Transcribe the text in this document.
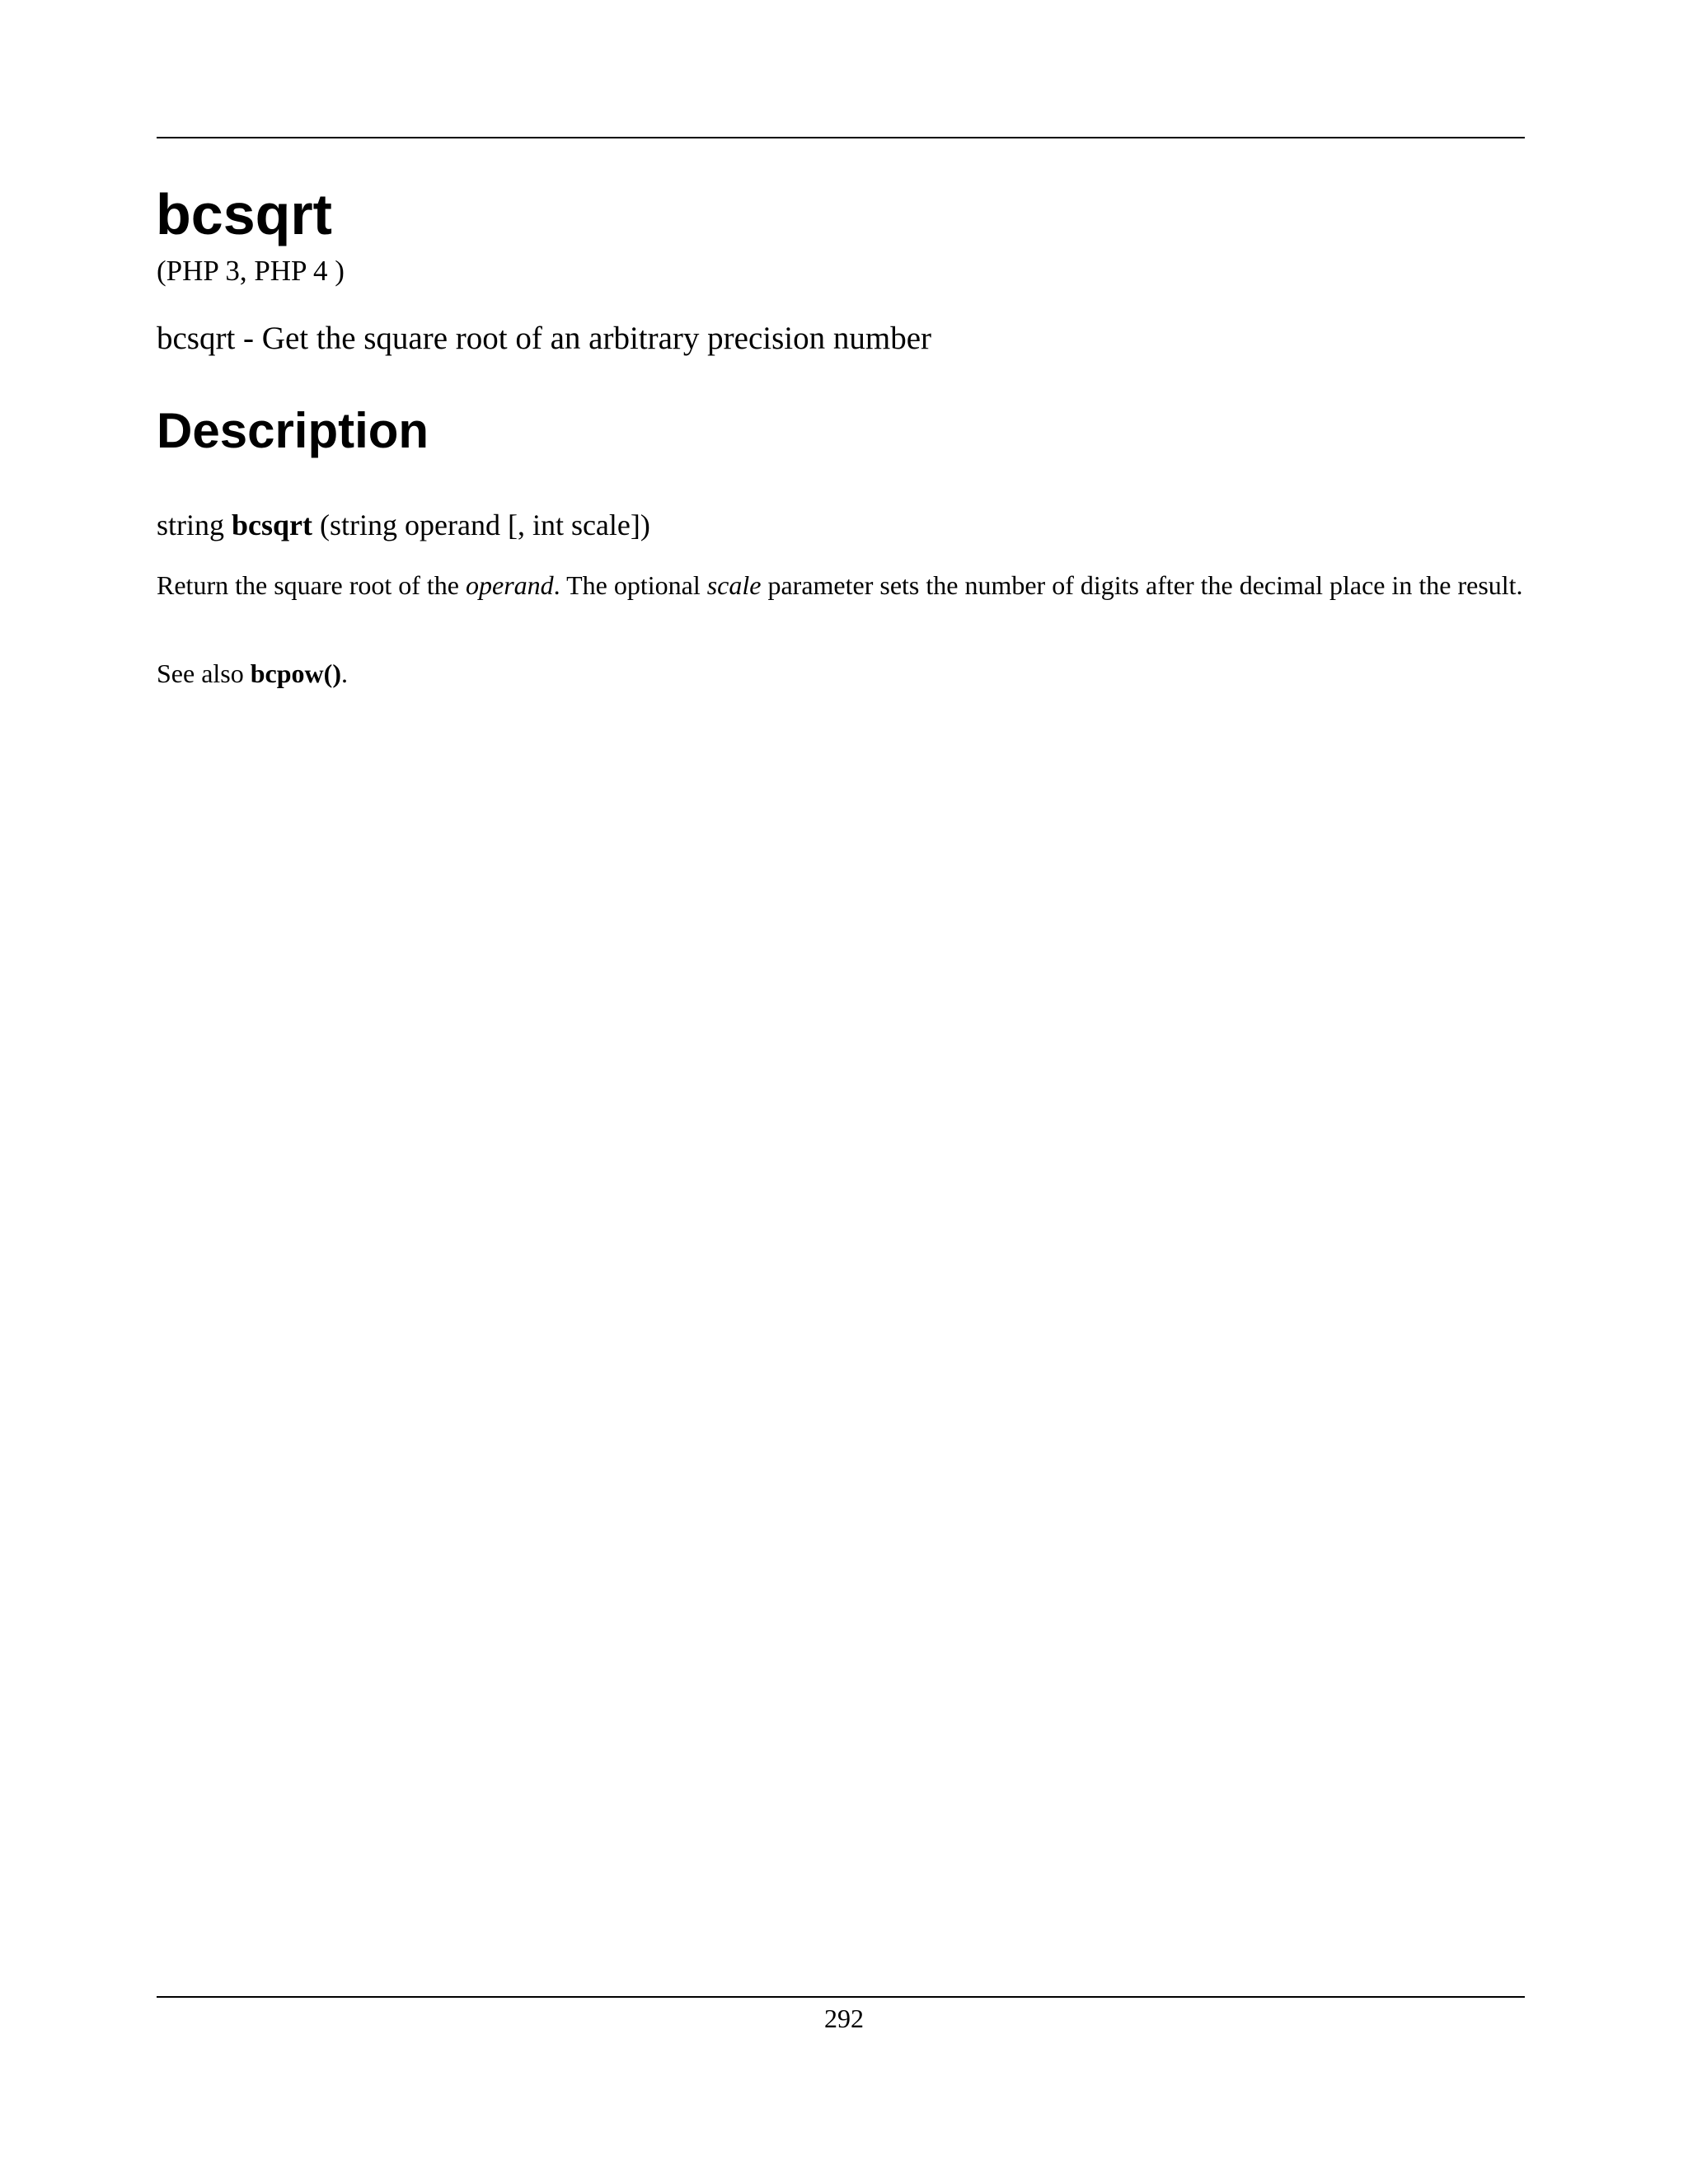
bcsqrt

(PHP 3, PHP 4 )

bcsqrt - Get the square root of an arbitrary precision number

Description

string bcsqrt (string operand [, int scale])

Return the square root of the operand. The optional scale parameter sets the number of digits after the decimal place in the result.

See also bcpow().

292
